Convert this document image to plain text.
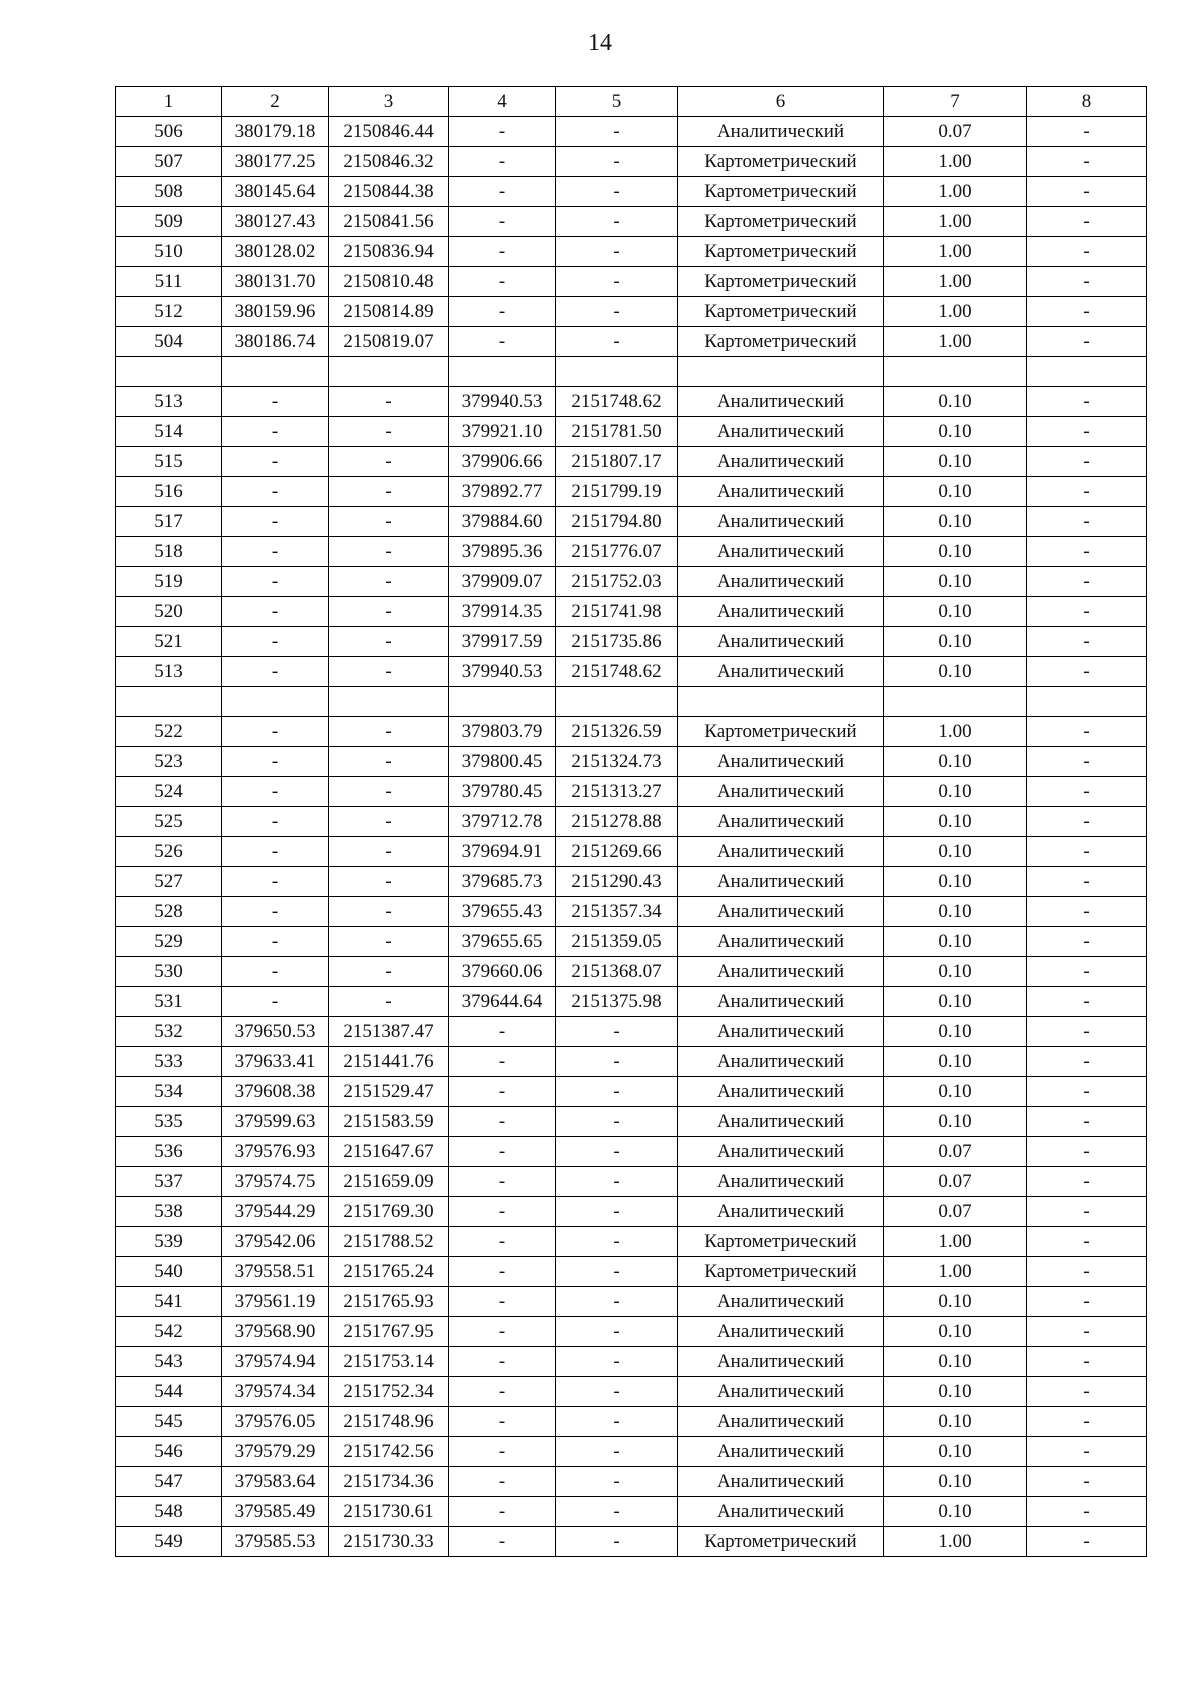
14
1	2	3	4	5	6	7	8
506	380179.18	2150846.44	-	-	Аналитический	0.07	-
507	380177.25	2150846.32	-	-	Картометрический	1.00	-
508	380145.64	2150844.38	-	-	Картометрический	1.00	-
509	380127.43	2150841.56	-	-	Картометрический	1.00	-
510	380128.02	2150836.94	-	-	Картометрический	1.00	-
511	380131.70	2150810.48	-	-	Картометрический	1.00	-
512	380159.96	2150814.89	-	-	Картометрический	1.00	-
504	380186.74	2150819.07	-	-	Картометрический	1.00	-

513	-	-	379940.53	2151748.62	Аналитический	0.10	-
514	-	-	379921.10	2151781.50	Аналитический	0.10	-
515	-	-	379906.66	2151807.17	Аналитический	0.10	-
516	-	-	379892.77	2151799.19	Аналитический	0.10	-
517	-	-	379884.60	2151794.80	Аналитический	0.10	-
518	-	-	379895.36	2151776.07	Аналитический	0.10	-
519	-	-	379909.07	2151752.03	Аналитический	0.10	-
520	-	-	379914.35	2151741.98	Аналитический	0.10	-
521	-	-	379917.59	2151735.86	Аналитический	0.10	-
513	-	-	379940.53	2151748.62	Аналитический	0.10	-

522	-	-	379803.79	2151326.59	Картометрический	1.00	-
523	-	-	379800.45	2151324.73	Аналитический	0.10	-
524	-	-	379780.45	2151313.27	Аналитический	0.10	-
525	-	-	379712.78	2151278.88	Аналитический	0.10	-
526	-	-	379694.91	2151269.66	Аналитический	0.10	-
527	-	-	379685.73	2151290.43	Аналитический	0.10	-
528	-	-	379655.43	2151357.34	Аналитический	0.10	-
529	-	-	379655.65	2151359.05	Аналитический	0.10	-
530	-	-	379660.06	2151368.07	Аналитический	0.10	-
531	-	-	379644.64	2151375.98	Аналитический	0.10	-
532	379650.53	2151387.47	-	-	Аналитический	0.10	-
533	379633.41	2151441.76	-	-	Аналитический	0.10	-
534	379608.38	2151529.47	-	-	Аналитический	0.10	-
535	379599.63	2151583.59	-	-	Аналитический	0.10	-
536	379576.93	2151647.67	-	-	Аналитический	0.07	-
537	379574.75	2151659.09	-	-	Аналитический	0.07	-
538	379544.29	2151769.30	-	-	Аналитический	0.07	-
539	379542.06	2151788.52	-	-	Картометрический	1.00	-
540	379558.51	2151765.24	-	-	Картометрический	1.00	-
541	379561.19	2151765.93	-	-	Аналитический	0.10	-
542	379568.90	2151767.95	-	-	Аналитический	0.10	-
543	379574.94	2151753.14	-	-	Аналитический	0.10	-
544	379574.34	2151752.34	-	-	Аналитический	0.10	-
545	379576.05	2151748.96	-	-	Аналитический	0.10	-
546	379579.29	2151742.56	-	-	Аналитический	0.10	-
547	379583.64	2151734.36	-	-	Аналитический	0.10	-
548	379585.49	2151730.61	-	-	Аналитический	0.10	-
549	379585.53	2151730.33	-	-	Картометрический	1.00	-
